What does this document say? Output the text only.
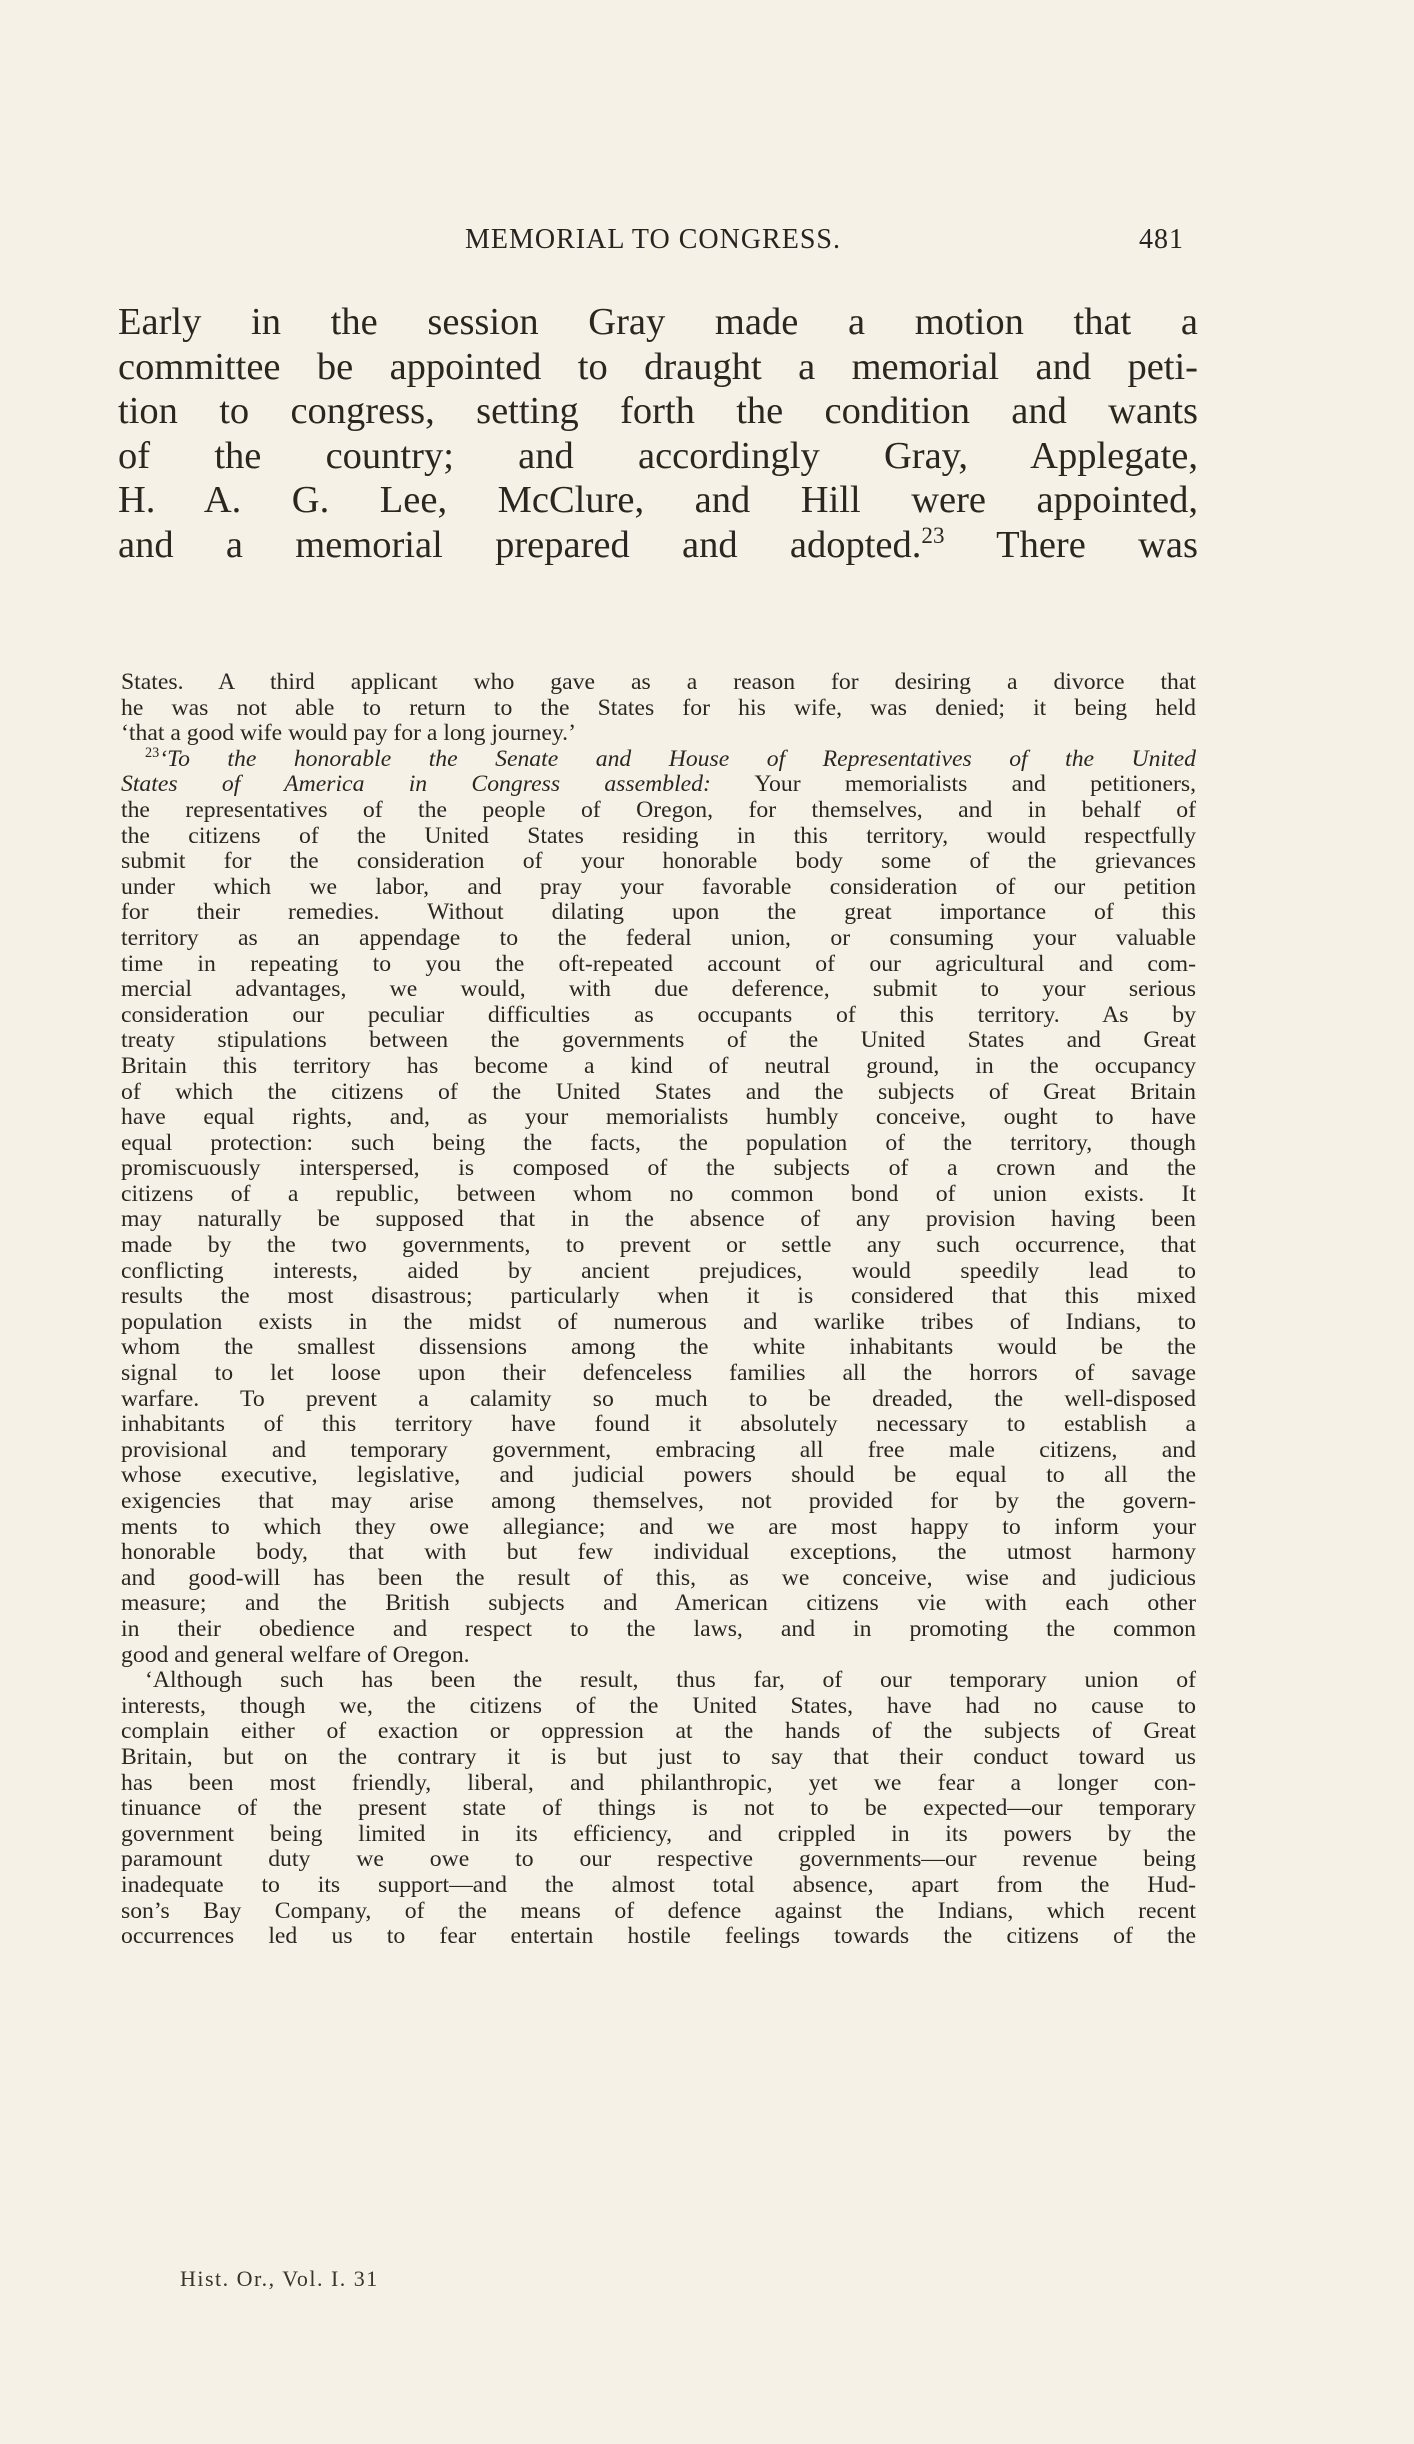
MEMORIAL TO CONGRESS.	481
Early in the session Gray made a motion that a
committee be appointed to draught a memorial and peti-
tion to congress, setting forth the condition and wants
of the country; and accordingly Gray, Applegate,
H. A. G. Lee, McClure, and Hill were appointed,
and a memorial prepared and adopted.$^{23}$ There was
States. A third applicant who gave as a reason for desiring a divorce that
he was not able to return to the States for his wife, was denied; it being held
‘that a good wife would pay for a long journey.’
$^{23}$‘To the honorable the Senate and House of Representatives of the United
States of America in Congress assembled: Your memorialists and petitioners,
the representatives of the people of Oregon, for themselves, and in behalf of
the citizens of the United States residing in this territory, would respectfully
submit for the consideration of your honorable body some of the grievances
under which we labor, and pray your favorable consideration of our petition
for their remedies. Without dilating upon the great importance of this
territory as an appendage to the federal union, or consuming your valuable
time in repeating to you the oft-repeated account of our agricultural and com-
mercial advantages, we would, with due deference, submit to your serious
consideration our peculiar difficulties as occupants of this territory. As by
treaty stipulations between the governments of the United States and Great
Britain this territory has become a kind of neutral ground, in the occupancy
of which the citizens of the United States and the subjects of Great Britain
have equal rights, and, as your memorialists humbly conceive, ought to have
equal protection: such being the facts, the population of the territory, though
promiscuously interspersed, is composed of the subjects of a crown and the
citizens of a republic, between whom no common bond of union exists. It
may naturally be supposed that in the absence of any provision having been
made by the two governments, to prevent or settle any such occurrence, that
conflicting interests, aided by ancient prejudices, would speedily lead to
results the most disastrous; particularly when it is considered that this mixed
population exists in the midst of numerous and warlike tribes of Indians, to
whom the smallest dissensions among the white inhabitants would be the
signal to let loose upon their defenceless families all the horrors of savage
warfare. To prevent a calamity so much to be dreaded, the well-disposed
inhabitants of this territory have found it absolutely necessary to establish a
provisional and temporary government, embracing all free male citizens, and
whose executive, legislative, and judicial powers should be equal to all the
exigencies that may arise among themselves, not provided for by the govern-
ments to which they owe allegiance; and we are most happy to inform your
honorable body, that with but few individual exceptions, the utmost harmony
and good-will has been the result of this, as we conceive, wise and judicious
measure; and the British subjects and American citizens vie with each other
in their obedience and respect to the laws, and in promoting the common
good and general welfare of Oregon.
‘Although such has been the result, thus far, of our temporary union of
interests, though we, the citizens of the United States, have had no cause to
complain either of exaction or oppression at the hands of the subjects of Great
Britain, but on the contrary it is but just to say that their conduct toward us
has been most friendly, liberal, and philanthropic, yet we fear a longer con-
tinuance of the present state of things is not to be expected—our temporary
government being limited in its efficiency, and crippled in its powers by the
paramount duty we owe to our respective governments—our revenue being
inadequate to its support—and the almost total absence, apart from the Hud-
son’s Bay Company, of the means of defence against the Indians, which recent
occurrences led us to fear entertain hostile feelings towards the citizens of the
Hist. Or., Vol. I. 31
